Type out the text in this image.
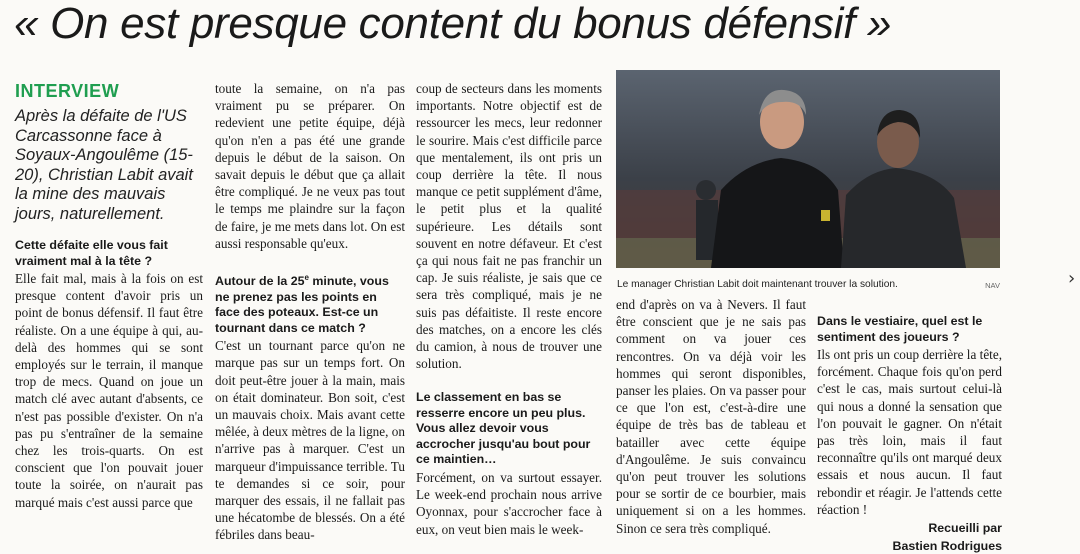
« On est presque content du bonus défensif »
INTERVIEW

Après la défaite de l'US Carcassonne face à Soyaux-Angoulême (15-20), Christian Labit avait la mine des mauvais jours, naturellement.

Cette défaite elle vous fait vraiment mal à la tête ?

Elle fait mal, mais à la fois on est presque content d'avoir pris un point de bonus défensif. Il faut être réaliste. On a une équipe à qui, au-delà des hommes qui se sont employés sur le terrain, il manque trop de mecs. Quand on joue un match clé avec autant d'absents, ce n'est pas possible d'exister. On n'a pas pu s'entraîner de la semaine chez les trois-quarts. On est conscient que l'on pouvait jouer toute la soirée, on n'aurait pas marqué mais c'est aussi parce que

toute la semaine, on n'a pas vraiment pu se préparer. On redevient une petite équipe, déjà qu'on n'en a pas été une grande depuis le début de la saison. On savait depuis le début que ça allait être compliqué. Je ne veux pas tout le temps me plaindre sur la façon de faire, je me mets dans lot. On est aussi responsable qu'eux.

Autour de la 25e minute, vous ne prenez pas les points en face des poteaux. Est-ce un tournant dans ce match ?

C'est un tournant parce qu'on ne marque pas sur un temps fort. On doit peut-être jouer à la main, mais on était dominateur. Bon soit, c'est un mauvais choix. Mais avant cette mêlée, à deux mètres de la ligne, on n'arrive pas à marquer. C'est un marqueur d'impuissance terrible. Tu te demandes si ce soir, pour marquer des essais, il ne fallait pas une hécatombe de blessés. On a été fébriles dans beau-

coup de secteurs dans les moments importants. Notre objectif est de ressourcer les mecs, leur redonner le sourire. Mais c'est difficile parce que mentalement, ils ont pris un coup derrière la tête. Il nous manque ce petit supplément d'âme, le petit plus et la qualité supérieure. Les détails sont souvent en notre défaveur. Et c'est ça qui nous fait ne pas franchir un cap. Je suis réaliste, je sais que ce sera très compliqué, mais je ne suis pas défaitiste. Il reste encore des matches, on a encore les clés du camion, à nous de trouver une solution.

Le classement en bas se resserre encore un peu plus. Vous allez devoir vous accrocher jusqu'au bout pour ce maintien…

Forcément, on va surtout essayer. Le week-end prochain nous arrive Oyonnax, pour s'accrocher face à eux, on veut bien mais le week-

Le manager Christian Labit doit maintenant trouver la solution.	NAV

end d'après on va à Nevers. Il faut être conscient que je ne sais pas comment on va jouer ces rencontres. On va déjà voir les hommes qui seront disponibles, panser les plaies. On va passer pour ce que l'on est, c'est-à-dire une équipe de très bas de tableau et batailler avec cette équipe d'Angoulême. Je suis convaincu qu'on peut trouver les solutions pour se sortir de ce bourbier, mais uniquement si on a les hommes. Sinon ce sera très compliqué.

Dans le vestiaire, quel est le sentiment des joueurs ?

Ils ont pris un coup derrière la tête, forcément. Chaque fois qu'on perd c'est le cas, mais surtout celui-là qui nous a donné la sensation que l'on pouvait le gagner. On n'était pas très loin, mais il faut reconnaître qu'ils ont marqué deux essais et nous aucun. Il faut rebondir et réagir. Je l'attends cette réaction !

Recueilli par
Bastien Rodrigues
›
